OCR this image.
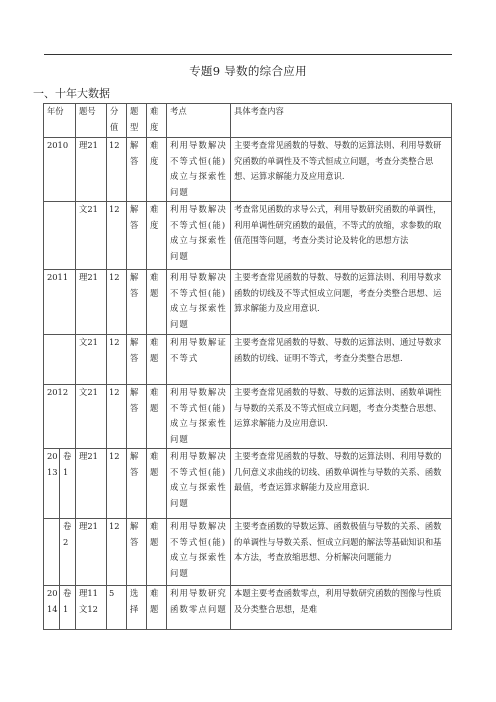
专题9 导数的综合应用
一、十年大数据
年份		题号	分值	题型	难度	考点	具体考查内容
2010		理21	12	解答	难度	利用导数解决不等式恒(能)成立与探索性问题	主要考查常见函数的导数、导数的运算法则、利用导数研究函数的单调性及不等式恒成立问题，考查分类整合思想、运算求解能力及应用意识.
		文21	12	解答	难度	利用导数解决不等式恒(能)成立与探索性问题	考查常见函数的求导公式，利用导数研究函数的单调性，利用单调性研究函数的最值，不等式的放缩，求参数的取值范围等问题，考查分类讨论及转化的思想方法
2011		理21	12	解答	难题	利用导数解决不等式恒(能)成立与探索性问题	主要考查常见函数的导数、导数的运算法则、利用导数求函数的切线及不等式恒成立问题，考查分类整合思想、运算求解能力及应用意识.
		文21	12	解答	难题	利用导数解证不等式	主要考查常见函数的导数、导数的运算法则、通过导数求函数的切线、证明不等式，考查分类整合思想.
2012		文21	12	解答	难题	利用导数解决不等式恒(能)成立与探索性问题	主要考查常见函数的导数、导数的运算法则、函数单调性与导数的关系及不等式恒成立问题，考查分类整合思想、运算求解能力及应用意识.
2013	卷1	理21	12	解答	难题	利用导数解决不等式恒(能)成立与探索性问题	主要考查常见函数的导数、导数的运算法则、利用导数的几何意义求曲线的切线、函数单调性与导数的关系、函数最值，考查运算求解能力及应用意识.
	卷2	理21	12	解答	难题	利用导数解决不等式恒(能)成立与探索性问题	主要考查函数的导数运算、函数极值与导数的关系、函数的单调性与导数关系、恒成立问题的解法等基础知识和基本方法，考查放缩思想、分析解决问题能力
2014	卷1	理11文12	5	选择	难题	利用导数研究函数零点问题	本题主要考查函数零点，利用导数研究函数的图像与性质及分类整合思想，是难
